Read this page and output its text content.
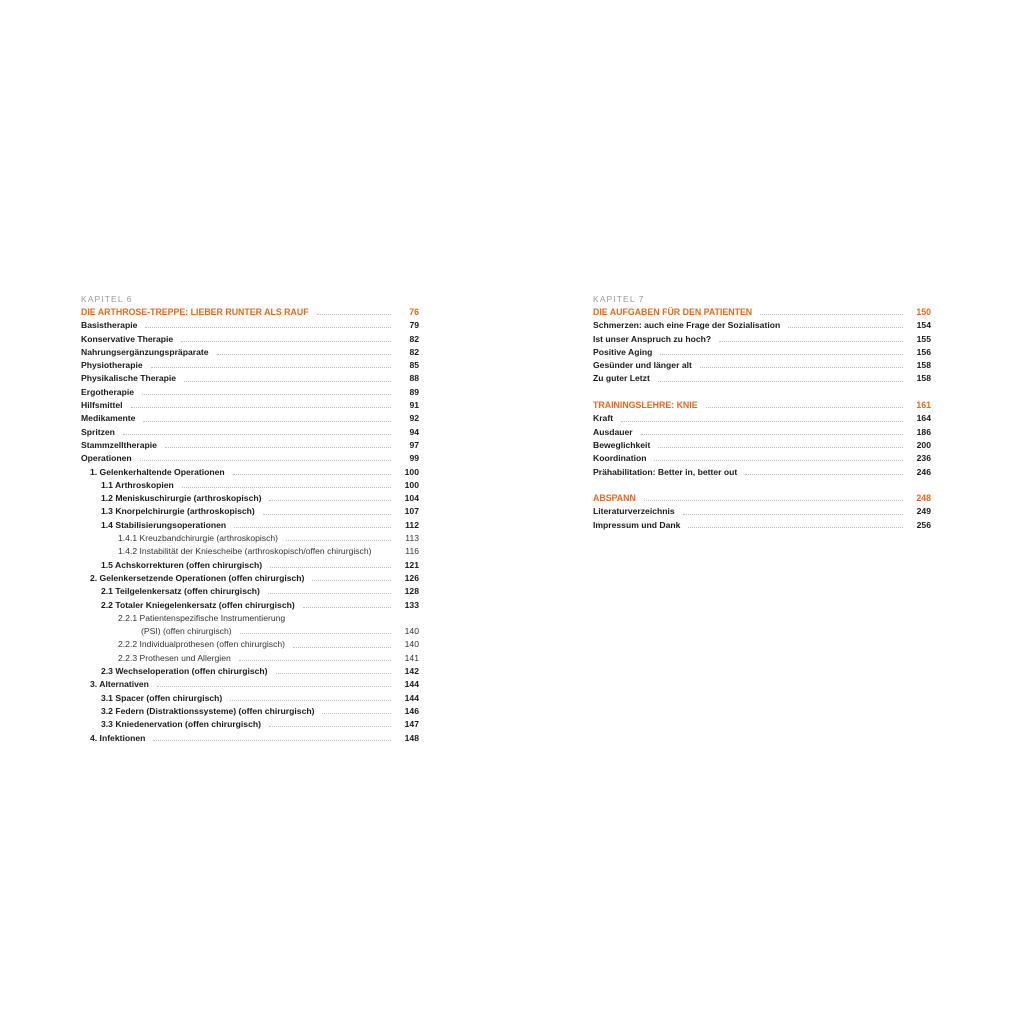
KAPITEL 6
DIE ARTHROSE-TREPPE: LIEBER RUNTER ALS RAUF	76
Basistherapie	79
Konservative Therapie	82
Nahrungsergänzungspräparate	82
Physiotherapie	85
Physikalische Therapie	88
Ergotherapie	89
Hilfsmittel	91
Medikamente	92
Spritzen	94
Stammzelltherapie	97
Operationen	99
1. Gelenkerhaltende Operationen	100
1.1 Arthroskopien	100
1.2 Meniskuschirurgie (arthroskopisch)	104
1.3 Knorpelchirurgie (arthroskopisch)	107
1.4 Stabilisierungsoperationen	112
1.4.1 Kreuzbandchirurgie (arthroskopisch)	113
1.4.2 Instabilität der Kniescheibe (arthroskopisch/offen chirurgisch)	116
1.5 Achskorrekturen (offen chirurgisch)	121
2. Gelenkersetzende Operationen (offen chirurgisch)	126
2.1 Teilgelenkersatz (offen chirurgisch)	128
2.2 Totaler Kniegelenkersatz (offen chirurgisch)	133
2.2.1 Patientenspezifische Instrumentierung
(PSI) (offen chirurgisch)	140
2.2.2 Individualprothesen (offen chirurgisch)	140
2.2.3 Prothesen und Allergien	141
2.3 Wechseloperation (offen chirurgisch)	142
3. Alternativen	144
3.1 Spacer (offen chirurgisch)	144
3.2 Federn (Distraktionssysteme) (offen chirurgisch)	146
3.3 Kniedenervation (offen chirurgisch)	147
4. Infektionen	148
KAPITEL 7
DIE AUFGABEN FÜR DEN PATIENTEN	150
Schmerzen: auch eine Frage der Sozialisation	154
Ist unser Anspruch zu hoch?	155
Positive Aging	156
Gesünder und länger alt	158
Zu guter Letzt	158
TRAININGSLEHRE: KNIE	161
Kraft	164
Ausdauer	186
Beweglichkeit	200
Koordination	236
Prähabilitation: Better in, better out	246
ABSPANN	248
Literaturverzeichnis	249
Impressum und Dank	256
